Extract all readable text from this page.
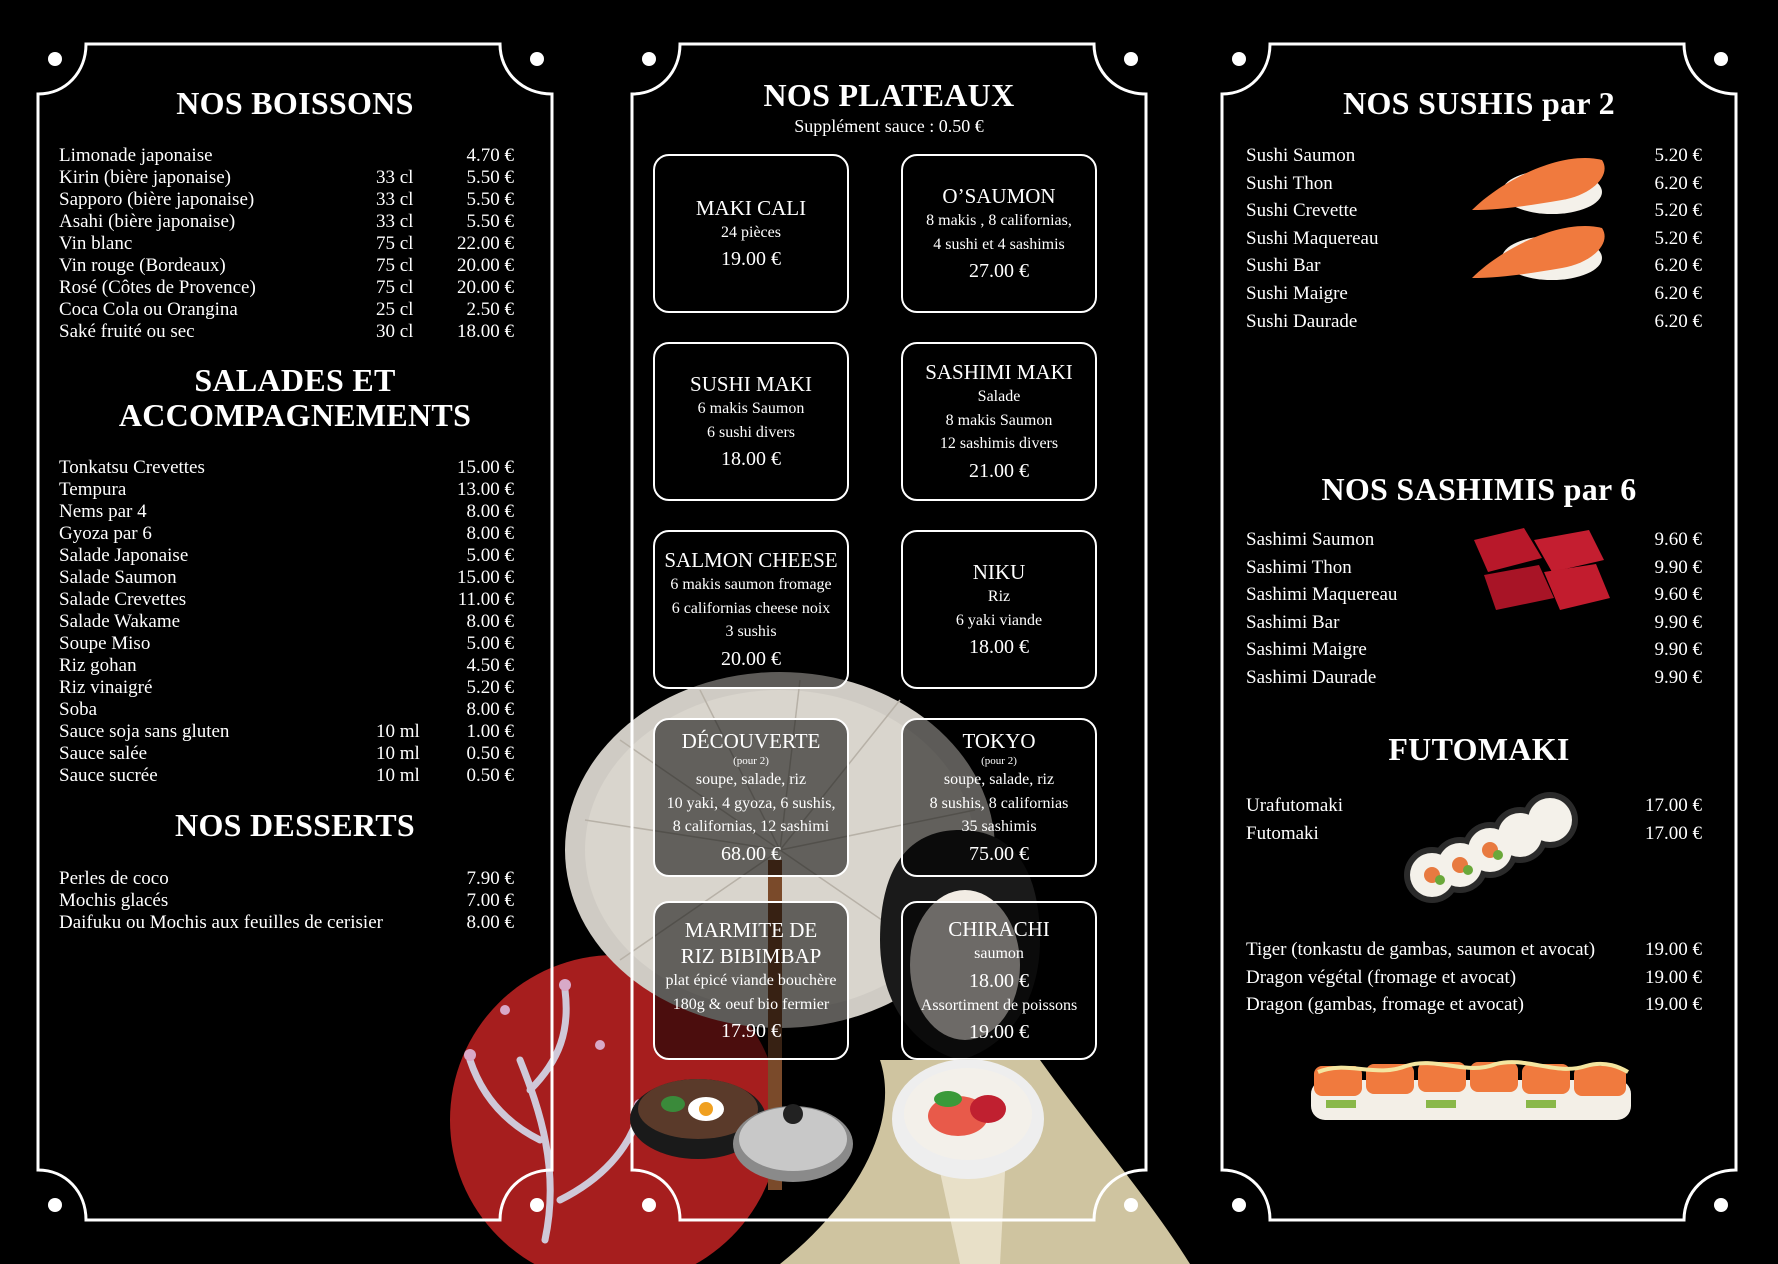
NOS BOISSONS
Limonade japonaise	4.70 €
Kirin (bière japonaise)	33 cl	5.50 €
Sapporo (bière japonaise)	33 cl	5.50 €
Asahi (bière japonaise)	33 cl	5.50 €
Vin blanc	75 cl	22.00 €
Vin rouge (Bordeaux)	75 cl	20.00 €
Rosé (Côtes de Provence)	75 cl	20.00 €
Coca Cola ou Orangina	25 cl	2.50 €
Saké fruité ou sec	30 cl	18.00 €
SALADES ET
ACCOMPAGNEMENTS
Tonkatsu Crevettes	15.00 €
Tempura	13.00 €
Nems par 4	8.00 €
Gyoza par 6	8.00 €
Salade Japonaise	5.00 €
Salade Saumon	15.00 €
Salade Crevettes	11.00 €
Salade Wakame	8.00 €
Soupe Miso	5.00 €
Riz gohan	4.50 €
Riz vinaigré	5.20 €
Soba	8.00 €
Sauce soja sans gluten	10 ml	1.00 €
Sauce salée	10 ml	0.50 €
Sauce sucrée	10 ml	0.50 €
NOS DESSERTS
Perles de coco	7.90 €
Mochis glacés	7.00 €
Daifuku ou Mochis aux feuilles de cerisier	8.00 €
NOS PLATEAUX
Supplément sauce : 0.50 €
MAKI CALI
24 pièces
19.00 €
O’SAUMON
8 makis , 8 californias,
4 sushi et 4 sashimis
27.00 €
SUSHI MAKI
6 makis Saumon
6 sushi divers
18.00 €
SASHIMI MAKI
Salade
8 makis Saumon
12 sashimis divers
21.00 €
SALMON CHEESE
6 makis saumon fromage
6 californias cheese noix
3 sushis
20.00 €
NIKU
Riz
6 yaki viande
18.00 €
DÉCOUVERTE
(pour 2)
soupe, salade, riz
10 yaki, 4 gyoza, 6 sushis,
8 californias, 12 sashimi
68.00 €
TOKYO
(pour 2)
soupe, salade, riz
8 sushis, 8 californias
35 sashimis
75.00 €
MARMITE DE RIZ BIBIMBAP
plat épicé viande bouchère
180g & oeuf bio fermier
17.90 €
CHIRACHI
saumon
18.00 €
Assortiment de poissons
19.00 €
NOS SUSHIS par 2
Sushi Saumon	5.20 €
Sushi Thon	6.20 €
Sushi Crevette	5.20 €
Sushi Maquereau	5.20 €
Sushi Bar	6.20 €
Sushi Maigre	6.20 €
Sushi Daurade	6.20 €
NOS SASHIMIS par 6
Sashimi Saumon	9.60 €
Sashimi Thon	9.90 €
Sashimi Maquereau	9.60 €
Sashimi Bar	9.90 €
Sashimi Maigre	9.90 €
Sashimi Daurade	9.90 €
FUTOMAKI
Urafutomaki	17.00 €
Futomaki	17.00 €
Tiger (tonkastu de gambas, saumon et avocat)	19.00 €
Dragon végétal (fromage et avocat)	19.00 €
Dragon (gambas, fromage et avocat)	19.00 €
